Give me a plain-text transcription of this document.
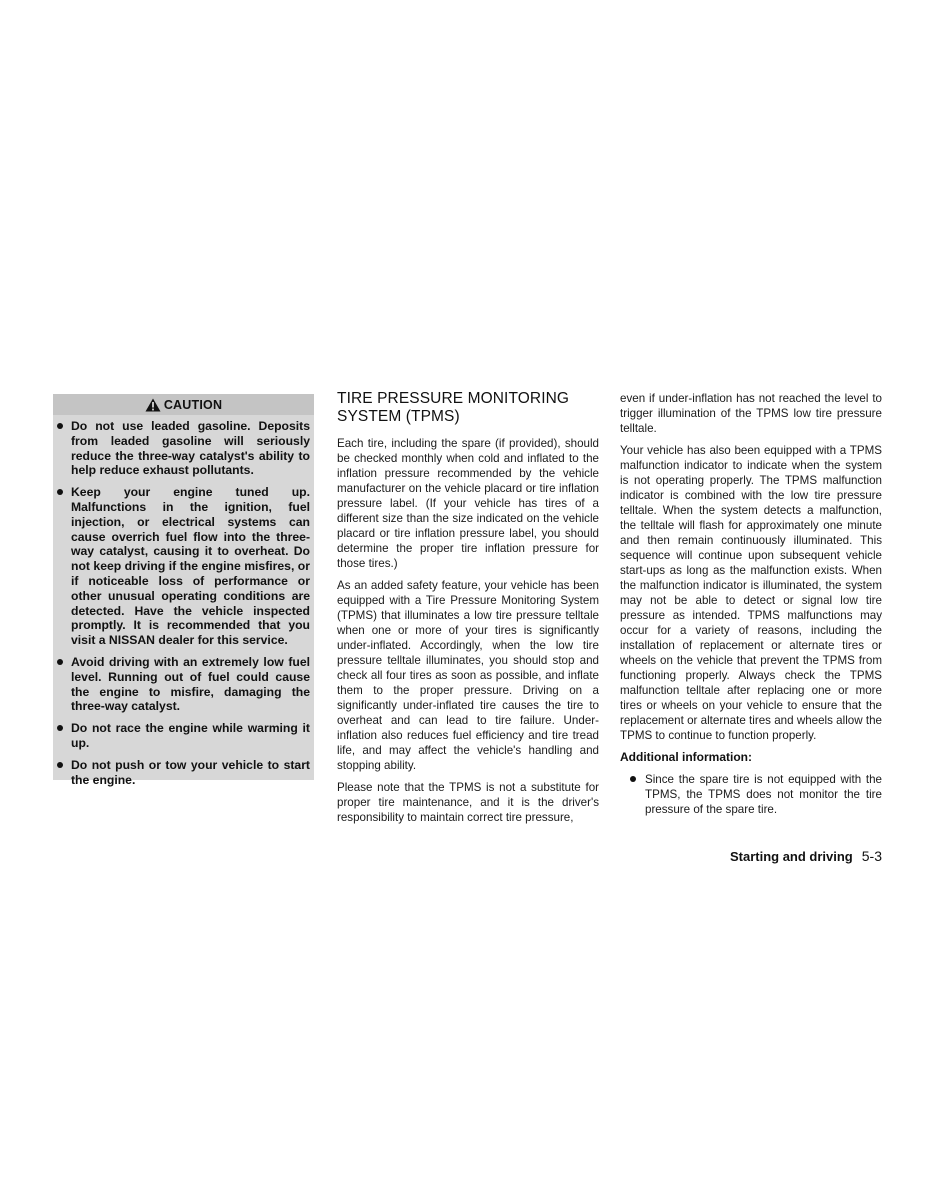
CAUTION
Do not use leaded gasoline. Deposits from leaded gasoline will seriously reduce the three-way catalyst's ability to help reduce exhaust pollutants.
Keep your engine tuned up. Malfunctions in the ignition, fuel injection, or electrical systems can cause overrich fuel flow into the three-way catalyst, causing it to overheat. Do not keep driving if the engine misfires, or if noticeable loss of performance or other unusual operating conditions are detected. Have the vehicle inspected promptly. It is recommended that you visit a NISSAN dealer for this service.
Avoid driving with an extremely low fuel level. Running out of fuel could cause the engine to misfire, damaging the three-way catalyst.
Do not race the engine while warming it up.
Do not push or tow your vehicle to start the engine.
TIRE PRESSURE MONITORING SYSTEM (TPMS)

Each tire, including the spare (if provided), should be checked monthly when cold and inflated to the inflation pressure recommended by the vehicle manufacturer on the vehicle placard or tire inflation pressure label. (If your vehicle has tires of a different size than the size indicated on the vehicle placard or tire inflation pressure label, you should determine the proper tire inflation pressure for those tires.)

As an added safety feature, your vehicle has been equipped with a Tire Pressure Monitoring System (TPMS) that illuminates a low tire pressure telltale when one or more of your tires is significantly under-inflated. Accordingly, when the low tire pressure telltale illuminates, you should stop and check all four tires as soon as possible, and inflate them to the proper pressure. Driving on a significantly under-inflated tire causes the tire to overheat and can lead to tire failure. Under-inflation also reduces fuel efficiency and tire tread life, and may affect the vehicle's handling and stopping ability.

Please note that the TPMS is not a substitute for proper tire maintenance, and it is the driver's responsibility to maintain correct tire pressure,

even if under-inflation has not reached the level to trigger illumination of the TPMS low tire pressure telltale.

Your vehicle has also been equipped with a TPMS malfunction indicator to indicate when the system is not operating properly. The TPMS malfunction indicator is combined with the low tire pressure telltale. When the system detects a malfunction, the telltale will flash for approximately one minute and then remain continuously illuminated. This sequence will continue upon subsequent vehicle start-ups as long as the malfunction exists. When the malfunction indicator is illuminated, the system may not be able to detect or signal low tire pressure as intended. TPMS malfunctions may occur for a variety of reasons, including the installation of replacement or alternate tires or wheels on the vehicle that prevent the TPMS from functioning properly. Always check the TPMS malfunction telltale after replacing one or more tires or wheels on your vehicle to ensure that the replacement or alternate tires and wheels allow the TPMS to continue to function properly.

Additional information:
Since the spare tire is not equipped with the TPMS, the TPMS does not monitor the tire pressure of the spare tire.
Starting and driving 5-3
